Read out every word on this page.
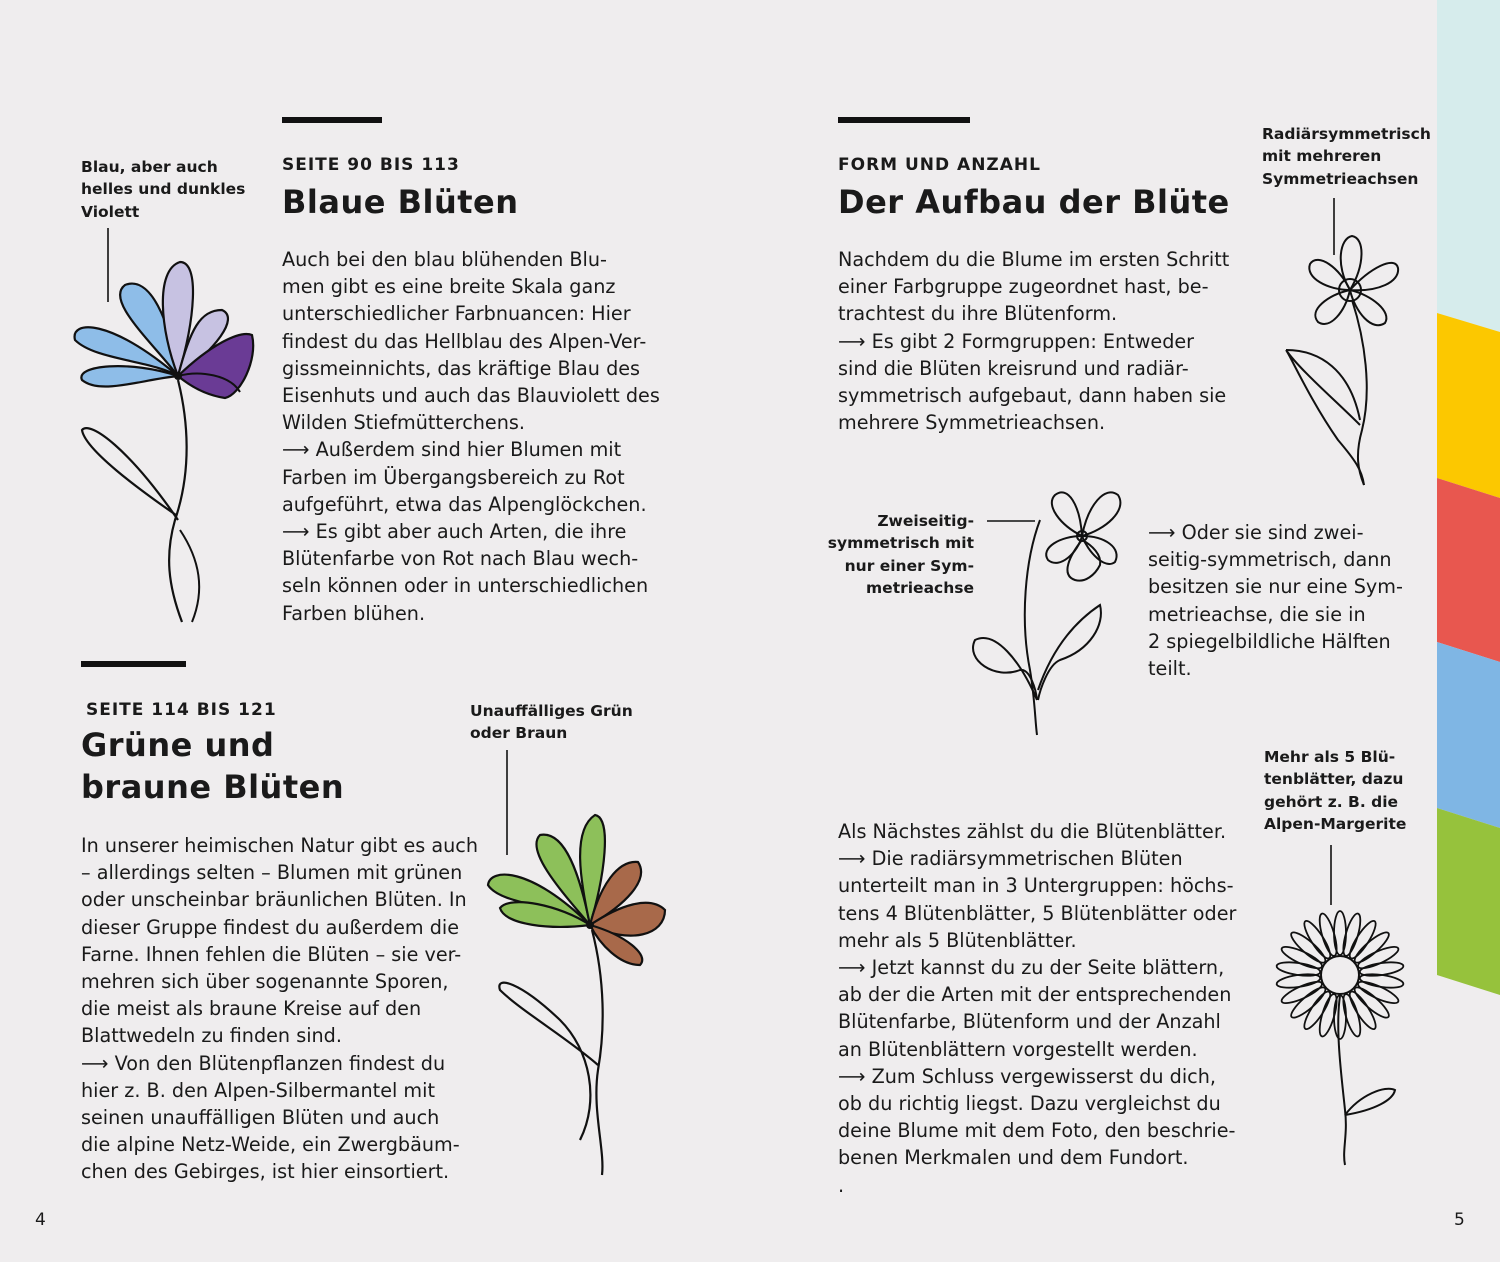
SEITE 90 BIS 113
Blaue Blüten
Blau, aber auch
helles und dunkles
Violett
Auch bei den blau blühenden Blu-
men gibt es eine breite Skala ganz
unterschiedlicher Farbnuancen: Hier
findest du das Hellblau des Alpen-Ver-
gissmeinnichts, das kräftige Blau des
Eisenhuts und auch das Blauviolett des
Wilden Stiefmütterchens.
⟶ Außerdem sind hier Blumen mit
Farben im Übergangsbereich zu Rot
aufgeführt, etwa das Alpenglöckchen.
⟶ Es gibt aber auch Arten, die ihre
Blütenfarbe von Rot nach Blau wech-
seln können oder in unterschiedlichen
Farben blühen.
SEITE 114 BIS 121
Grüne und
braune Blüten
Unauffälliges Grün
oder Braun
In unserer heimischen Natur gibt es auch
– allerdings selten – Blumen mit grünen
oder unscheinbar bräunlichen Blüten. In
dieser Gruppe findest du außerdem die
Farne. Ihnen fehlen die Blüten – sie ver-
mehren sich über sogenannte Sporen,
die meist als braune Kreise auf den
Blattwedeln zu finden sind.
⟶ Von den Blütenpflanzen findest du
hier z. B. den Alpen-Silbermantel mit
seinen unauffälligen Blüten und auch
die alpine Netz-Weide, ein Zwergbäum-
chen des Gebirges, ist hier einsortiert.
FORM UND ANZAHL
Der Aufbau der Blüte
Nachdem du die Blume im ersten Schritt
einer Farbgruppe zugeordnet hast, be-
trachtest du ihre Blütenform.
⟶ Es gibt 2 Formgruppen: Entweder
sind die Blüten kreisrund und radiär-
symmetrisch aufgebaut, dann haben sie
mehrere Symmetrieachsen.
Radiärsymmetrisch
mit mehreren
Symmetrieachsen
Zweiseitig-
symmetrisch mit
nur einer Sym-
metrieachse
⟶ Oder sie sind zwei-
seitig-symmetrisch, dann
besitzen sie nur eine Sym-
metrieachse, die sie in
2 spiegelbildliche Hälften
teilt.
Mehr als 5 Blü-
tenblätter, dazu
gehört z. B. die
Alpen-Margerite
Als Nächstes zählst du die Blütenblätter.
⟶ Die radiärsymmetrischen Blüten
unterteilt man in 3 Untergruppen: höchs-
tens 4 Blütenblätter, 5 Blütenblätter oder
mehr als 5 Blütenblätter.
⟶ Jetzt kannst du zu der Seite blättern,
ab der die Arten mit der entsprechenden
Blütenfarbe, Blütenform und der Anzahl
an Blütenblättern vorgestellt werden.
⟶ Zum Schluss vergewisserst du dich,
ob du richtig liegst. Dazu vergleichst du
deine Blume mit dem Foto, den beschrie-
benen Merkmalen und dem Fundort.
.
4	5
